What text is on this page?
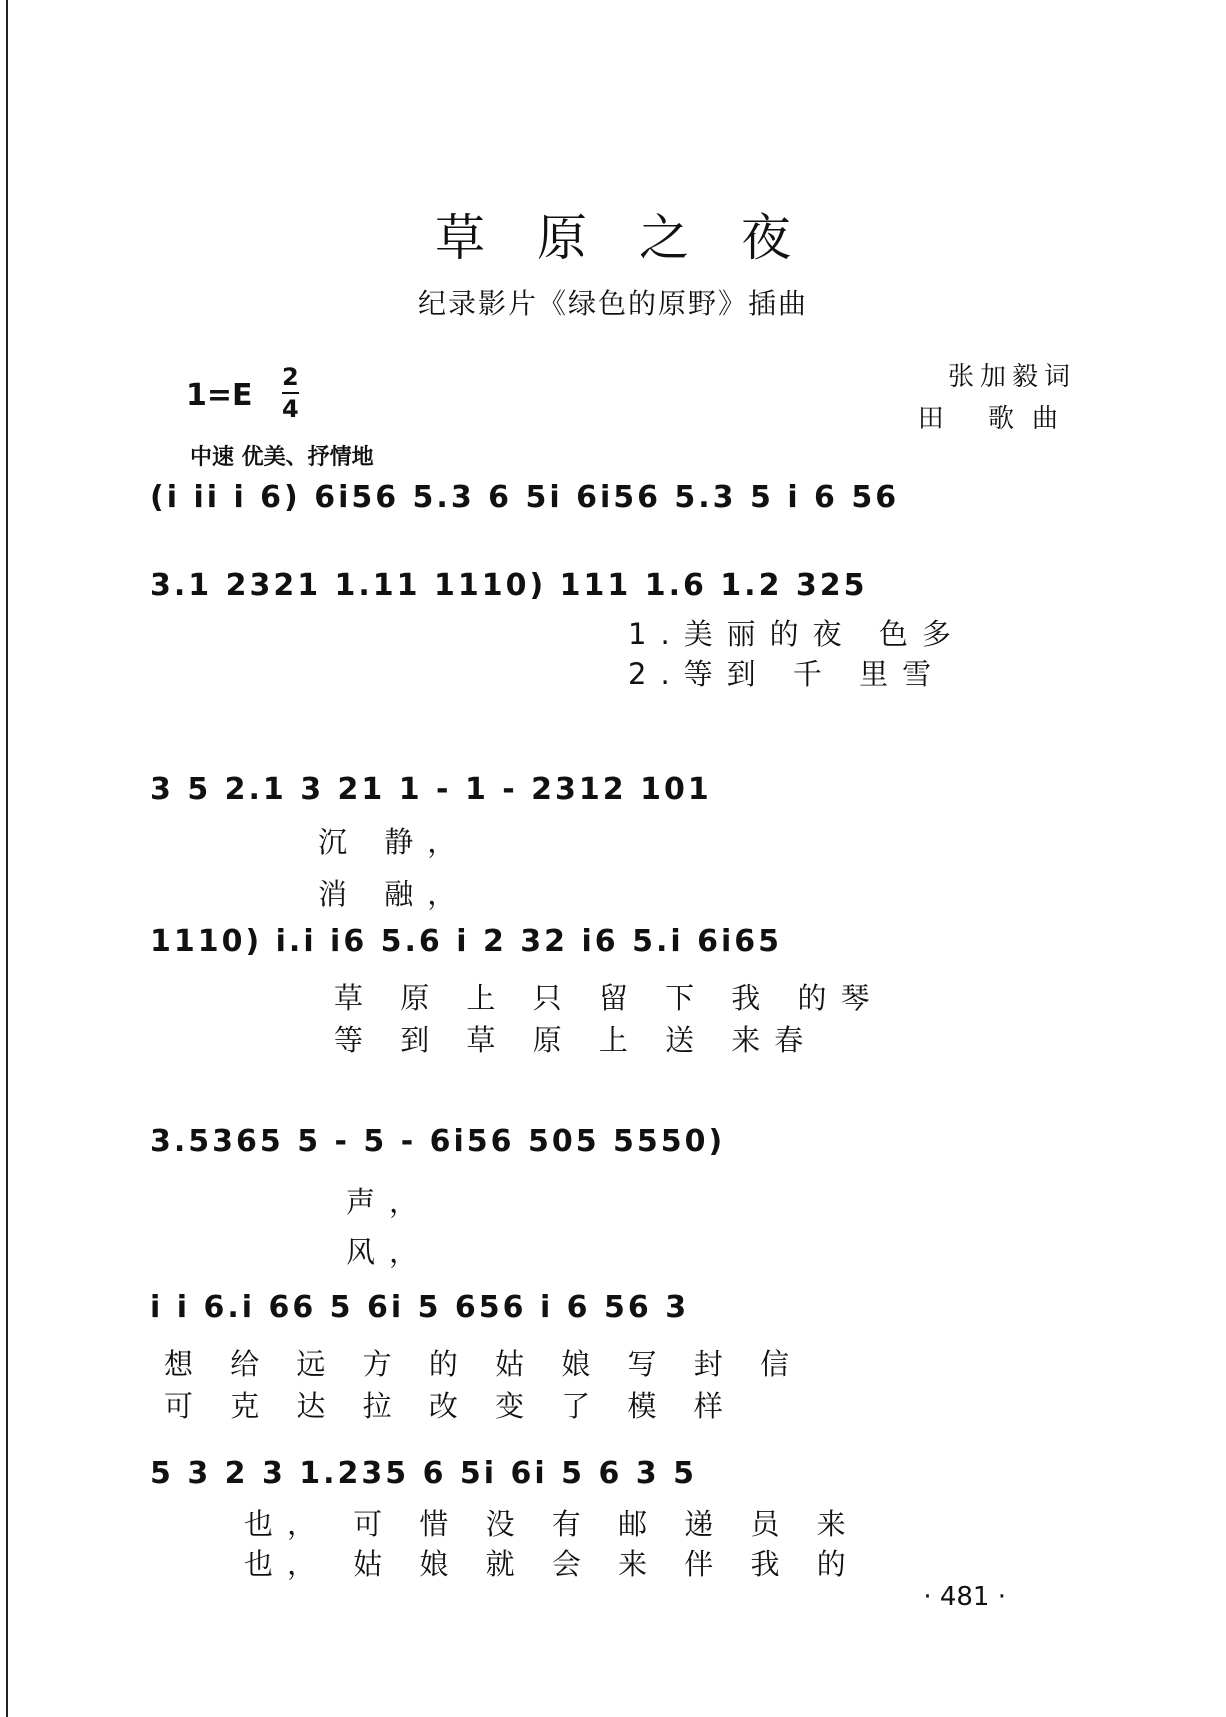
草原之夜
纪录影片《绿色的原野》插曲
张加毅词
田 歌曲
1=E
2
4
中速 优美、抒情地
(i ii i 6) 6i56 5.3 6 5i 6i56 5.3 5 i 6 56
3.1 2321 1.11 1110) 111 1.6 1.2 325
1.美丽的夜 色多
2.等到 千 里雪
3 5 2.1 3 21 1 - 1 - 2312 101
沉 静，
消 融，
1110) i.i i6 5.6 i 2 32 i6 5.i 6i65
草 原 上 只 留 下 我 的琴
等 到 草 原 上 送 来春
3.5365 5 - 5 - 6i56 505 5550)
声，
风，
i i 6.i 66 5 6i 5 656 i 6 56 3
想 给 远 方 的 姑 娘 写 封 信
可 克 达 拉 改 变 了 模 样
5 3 2 3 1.235 6 5i 6i 5 6 3 5
也， 可 惜 没 有 邮 递 员 来
也， 姑 娘 就 会 来 伴 我 的
· 481 ·
